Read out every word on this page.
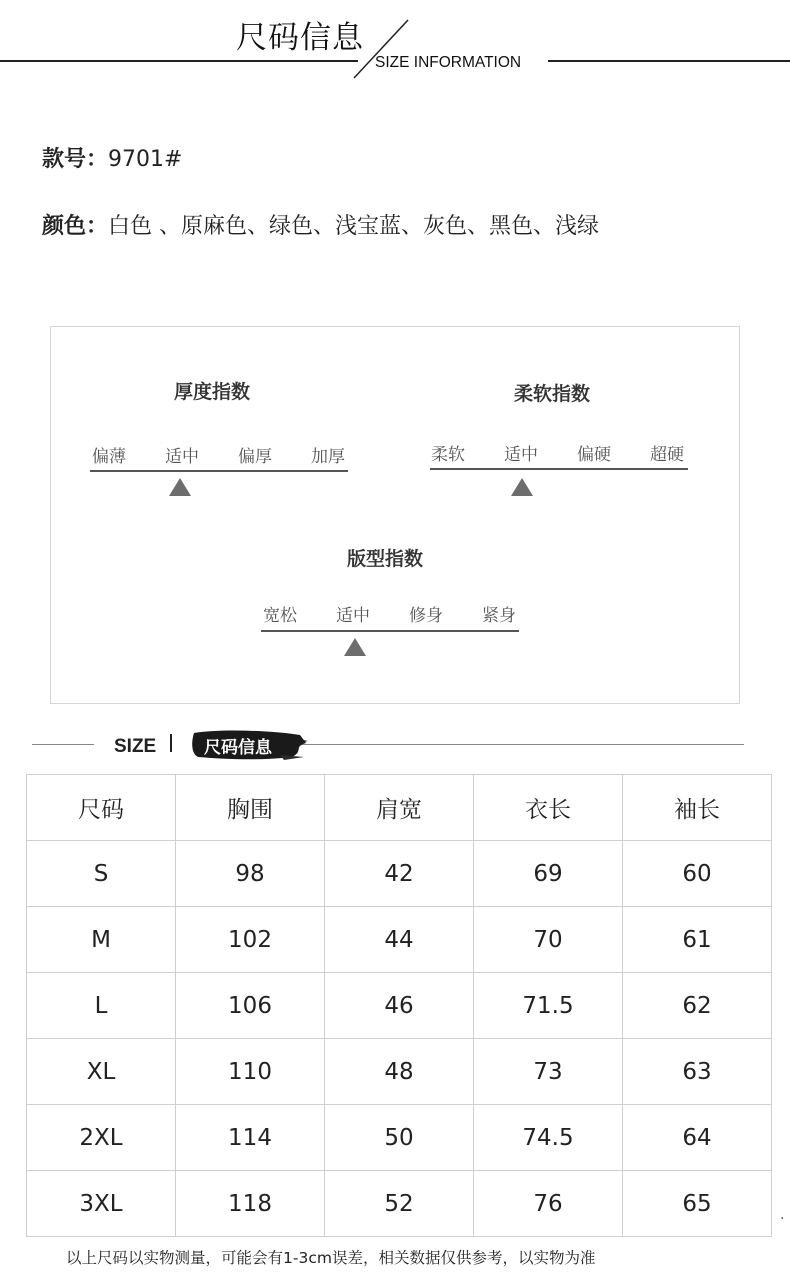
尺码信息
SIZE INFORMATION
款号：9701#
颜色：白色 、原麻色、绿色、浅宝蓝、灰色、黑色、浅绿
厚度指数
偏薄 适中 偏厚 加厚
柔软指数
柔软 适中 偏硬 超硬
版型指数
宽松 适中 修身 紧身
SIZE	尺码信息
尺码	胸围	肩宽	衣长	袖长
S	98	42	69	60
M	102	44	70	61
L	106	46	71.5	62
XL	110	48	73	63
2XL	114	50	74.5	64
3XL	118	52	76	65	.
以上尺码以实物测量，可能会有1-3cm误差，相关数据仅供参考，以实物为准
